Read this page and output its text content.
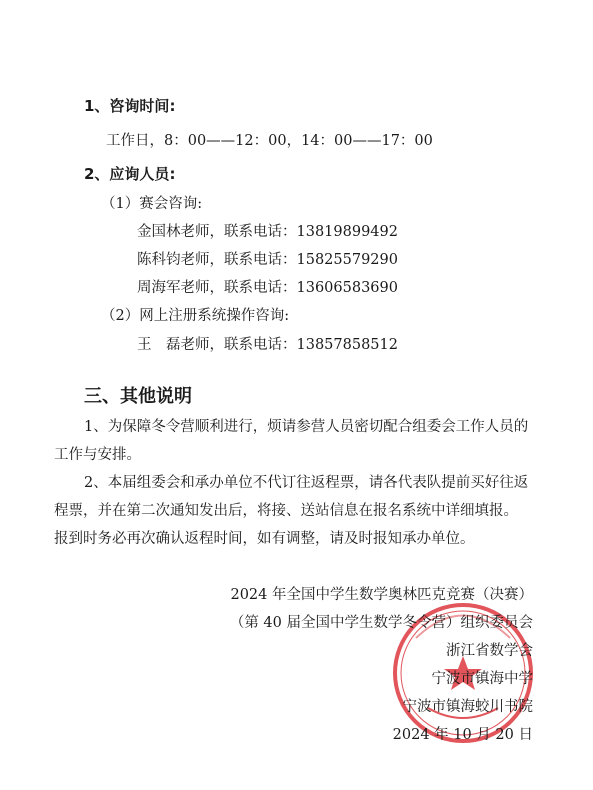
1、咨询时间:
工作日，8：00——12：00，14：00——17：00
2、应询人员:
（1）赛会咨询:
金国林老师，联系电话：13819899492
陈科钧老师，联系电话：15825579290
周海军老师，联系电话：13606583690
（2）网上注册系统操作咨询:
王　磊老师，联系电话：13857858512
三、其他说明
1、为保障冬令营顺利进行，烦请参营人员密切配合组委会工作人员的
工作与安排。
2、本届组委会和承办单位不代订往返程票，请各代表队提前买好往返
程票，并在第二次通知发出后，将接、送站信息在报名系统中详细填报。
报到时务必再次确认返程时间，如有调整，请及时报知承办单位。
2024 年全国中学生数学奥林匹克竞赛（决赛）
（第 40 届全国中学生数学冬令营）组织委员会
浙江省数学会
宁波市镇海中学
宁波市镇海蛟川书院
2024 年 10 月 20 日
